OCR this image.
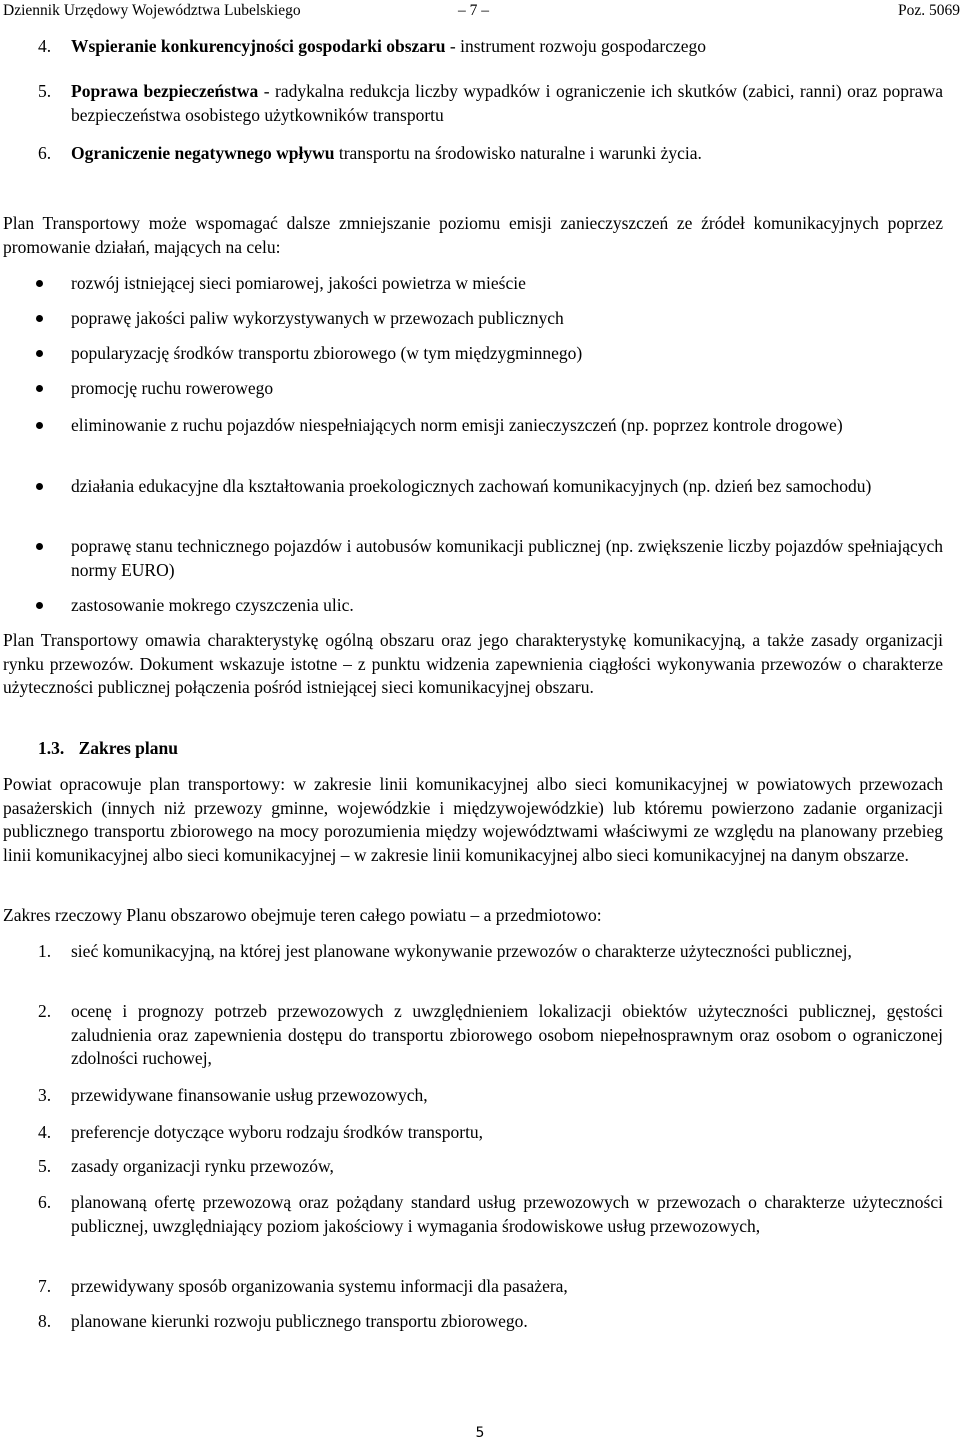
Dziennik Urzędowy Województwa Lubelskiego	– 7 –	Poz. 5069
4. Wspieranie konkurencyjności gospodarki obszaru - instrument rozwoju gospodarczego
5. Poprawa bezpieczeństwa - radykalna redukcja liczby wypadków i ograniczenie ich skutków (zabici, ranni) oraz poprawa bezpieczeństwa osobistego użytkowników transportu
6. Ograniczenie negatywnego wpływu transportu na środowisko naturalne i warunki życia.
Plan Transportowy może wspomagać dalsze zmniejszanie poziomu emisji zanieczyszczeń ze źródeł komunikacyjnych poprzez promowanie działań, mających na celu:
rozwój istniejącej sieci pomiarowej, jakości powietrza w mieście
poprawę jakości paliw wykorzystywanych w przewozach publicznych
popularyzację środków transportu zbiorowego (w tym międzygminnego)
promocję ruchu rowerowego
eliminowanie z ruchu pojazdów niespełniających norm emisji zanieczyszczeń (np. poprzez kontrole drogowe)
działania edukacyjne dla kształtowania proekologicznych zachowań komunikacyjnych (np. dzień bez samochodu)
poprawę stanu technicznego pojazdów i autobusów komunikacji publicznej (np. zwiększenie liczby pojazdów spełniających normy EURO)
zastosowanie mokrego czyszczenia ulic.
Plan Transportowy omawia charakterystykę ogólną obszaru oraz jego charakterystykę komunikacyjną, a także zasady organizacji rynku przewozów. Dokument wskazuje istotne – z punktu widzenia zapewnienia ciągłości wykonywania przewozów o charakterze użyteczności publicznej połączenia pośród istniejącej sieci komunikacyjnej obszaru.
1.3. Zakres planu
Powiat opracowuje plan transportowy: w zakresie linii komunikacyjnej albo sieci komunikacyjnej w powiatowych przewozach pasażerskich (innych niż przewozy gminne, wojewódzkie i międzywojewódzkie) lub któremu powierzono zadanie organizacji publicznego transportu zbiorowego na mocy porozumienia między województwami właściwymi ze względu na planowany przebieg linii komunikacyjnej albo sieci komunikacyjnej – w zakresie linii komunikacyjnej albo sieci komunikacyjnej na danym obszarze.
Zakres rzeczowy Planu obszarowo obejmuje teren całego powiatu – a przedmiotowo:
1. sieć komunikacyjną, na której jest planowane wykonywanie przewozów o charakterze użyteczności publicznej,
2. ocenę i prognozy potrzeb przewozowych z uwzględnieniem lokalizacji obiektów użyteczności publicznej, gęstości zaludnienia oraz zapewnienia dostępu do transportu zbiorowego osobom niepełnosprawnym oraz osobom o ograniczonej zdolności ruchowej,
3. przewidywane finansowanie usług przewozowych,
4. preferencje dotyczące wyboru rodzaju środków transportu,
5. zasady organizacji rynku przewozów,
6. planowaną ofertę przewozową oraz pożądany standard usług przewozowych w przewozach o charakterze użyteczności publicznej, uwzględniający poziom jakościowy i wymagania środowiskowe usług przewozowych,
7. przewidywany sposób organizowania systemu informacji dla pasażera,
8. planowane kierunki rozwoju publicznego transportu zbiorowego.
5
